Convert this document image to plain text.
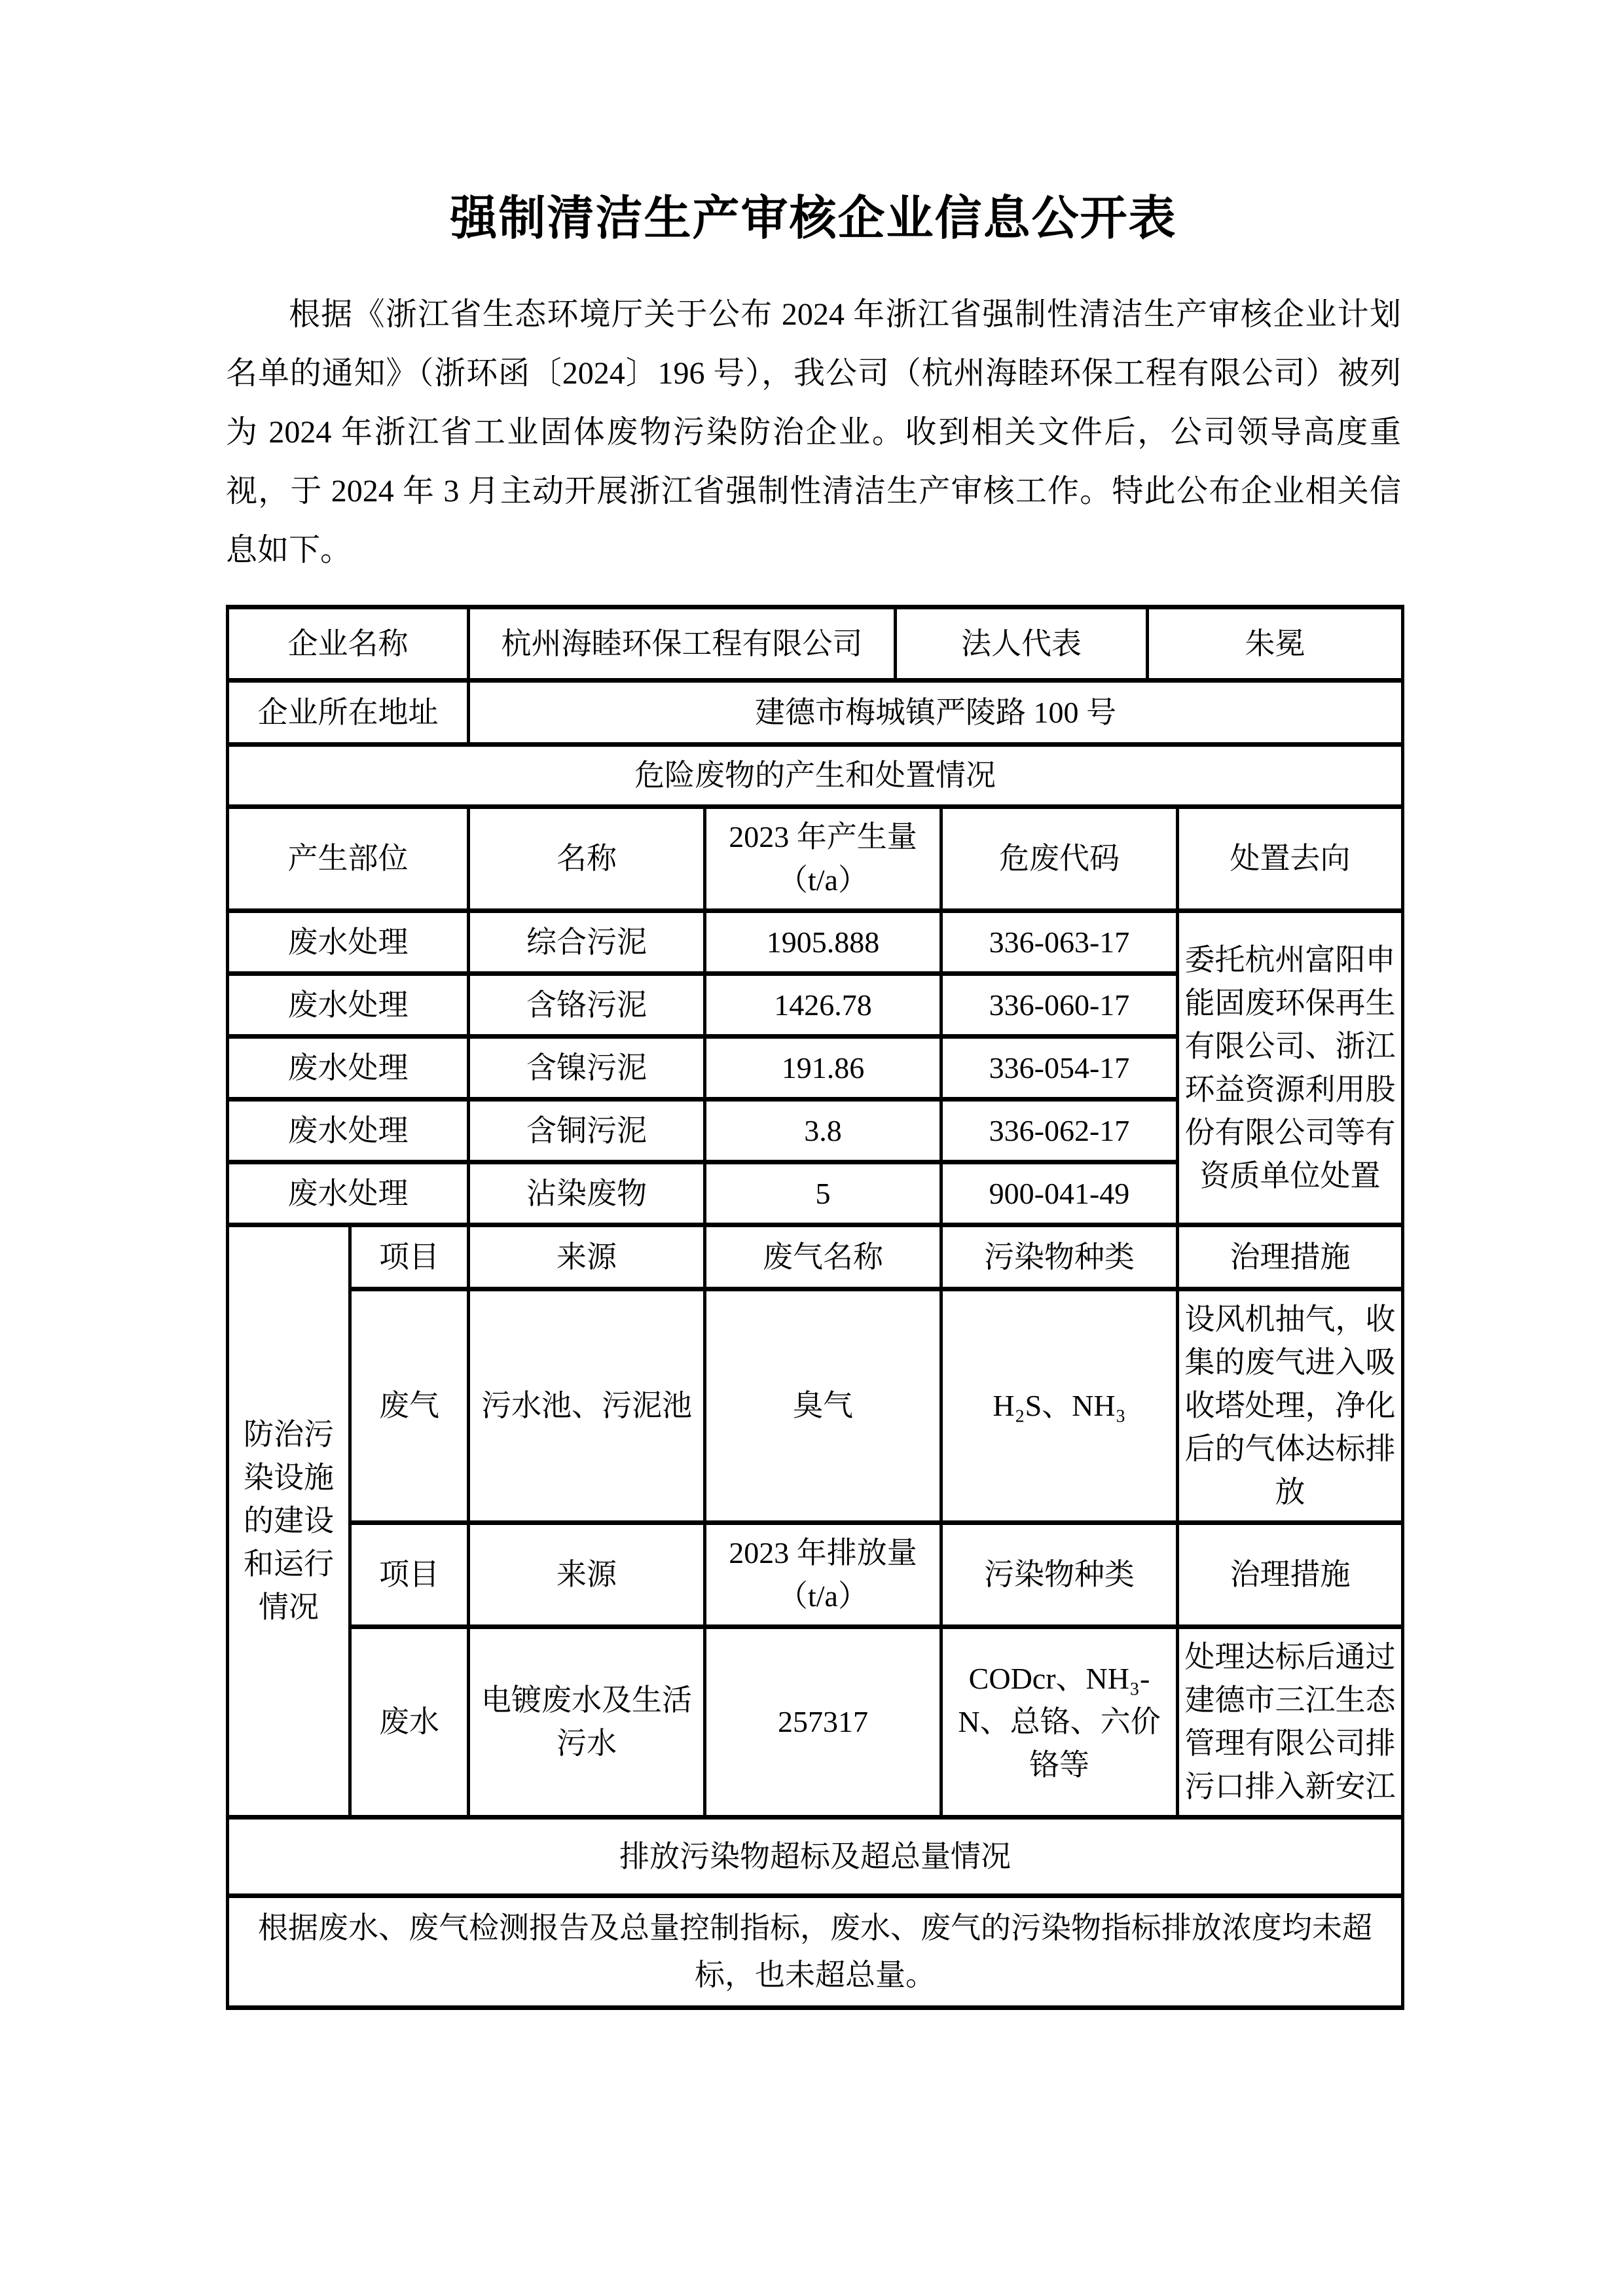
强制清洁生产审核企业信息公开表

根据《浙江省生态环境厅关于公布 2024 年浙江省强制性清洁生产审核企业计划名单的通知》（浙环函〔2024〕196 号），我公司（杭州海睦环保工程有限公司）被列为 2024 年浙江省工业固体废物污染防治企业。收到相关文件后，公司领导高度重视，于 2024 年 3 月主动开展浙江省强制性清洁生产审核工作。特此公布企业相关信息如下。

企业名称		杭州海睦环保工程有限公司		法人代表		朱冕	
企业所在地址		建德市梅城镇严陵路 100 号					
危险废物的产生和处置情况							
产生部位		名称	2023 年产生量（t/a）		危废代码		处置去向
废水处理		综合污泥	1905.888		336-063-17		委托杭州富阳申能固废环保再生有限公司、浙江环益资源利用股份有限公司等有资质单位处置
废水处理		含铬污泥	1426.78		336-060-17		
废水处理		含镍污泥	191.86		336-054-17		
废水处理		含铜污泥	3.8		336-062-17		
废水处理		沾染废物	5		900-041-49		
防治污染设施的建设和运行情况	项目	来源	废气名称		污染物种类		治理措施
	废气	污水池、污泥池	臭气		H₂S、NH₃		设风机抽气，收集的废气进入吸收塔处理，净化后的气体达标排放
	项目	来源	2023 年排放量（t/a）		污染物种类		治理措施
	废水	电镀废水及生活污水	257317		CODcr、NH₃-N、总铬、六价铬等		处理达标后通过建德市三江生态管理有限公司排污口排入新安江
排放污染物超标及超总量情况							
根据废水、废气检测报告及总量控制指标，废水、废气的污染物指标排放浓度均未超标，也未超总量。							
